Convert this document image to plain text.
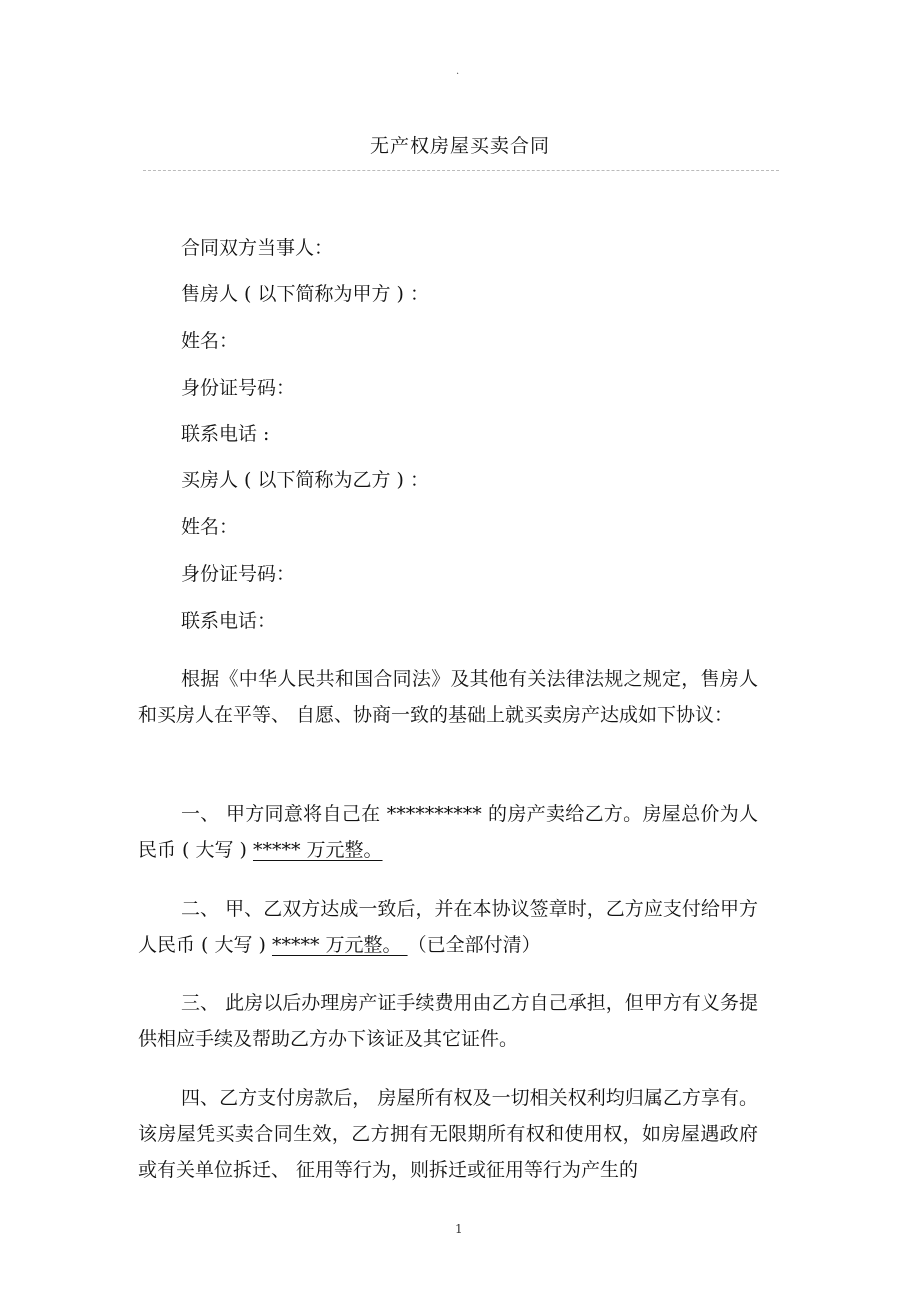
.
无产权房屋买卖合同
合同双方当事人：
售房人 ( 以下简称为甲方 ) ：
姓名：
身份证号码：
联系电话 :
买房人 ( 以下简称为乙方 ) ：
姓名：
身份证号码：
联系电话：

根据《中华人民共和国合同法》及其他有关法律法规之规定，售房人和买房人在平等、 自愿、协商一致的基础上就买卖房产达成如下协议：

一、 甲方同意将自己在 ********** 的房产卖给乙方。房屋总价为人民币 ( 大写 ) ***** 万元整。

二、 甲、乙双方达成一致后，并在本协议签章时，乙方应支付给甲方人民币 ( 大写 ) ***** 万元整。 （已全部付清）

三、 此房以后办理房产证手续费用由乙方自己承担，但甲方有义务提供相应手续及帮助乙方办下该证及其它证件。

四、乙方支付房款后， 房屋所有权及一切相关权利均归属乙方享有。该房屋凭买卖合同生效，乙方拥有无限期所有权和使用权，如房屋遇政府或有关单位拆迁、 征用等行为，则拆迁或征用等行为产生的

1
